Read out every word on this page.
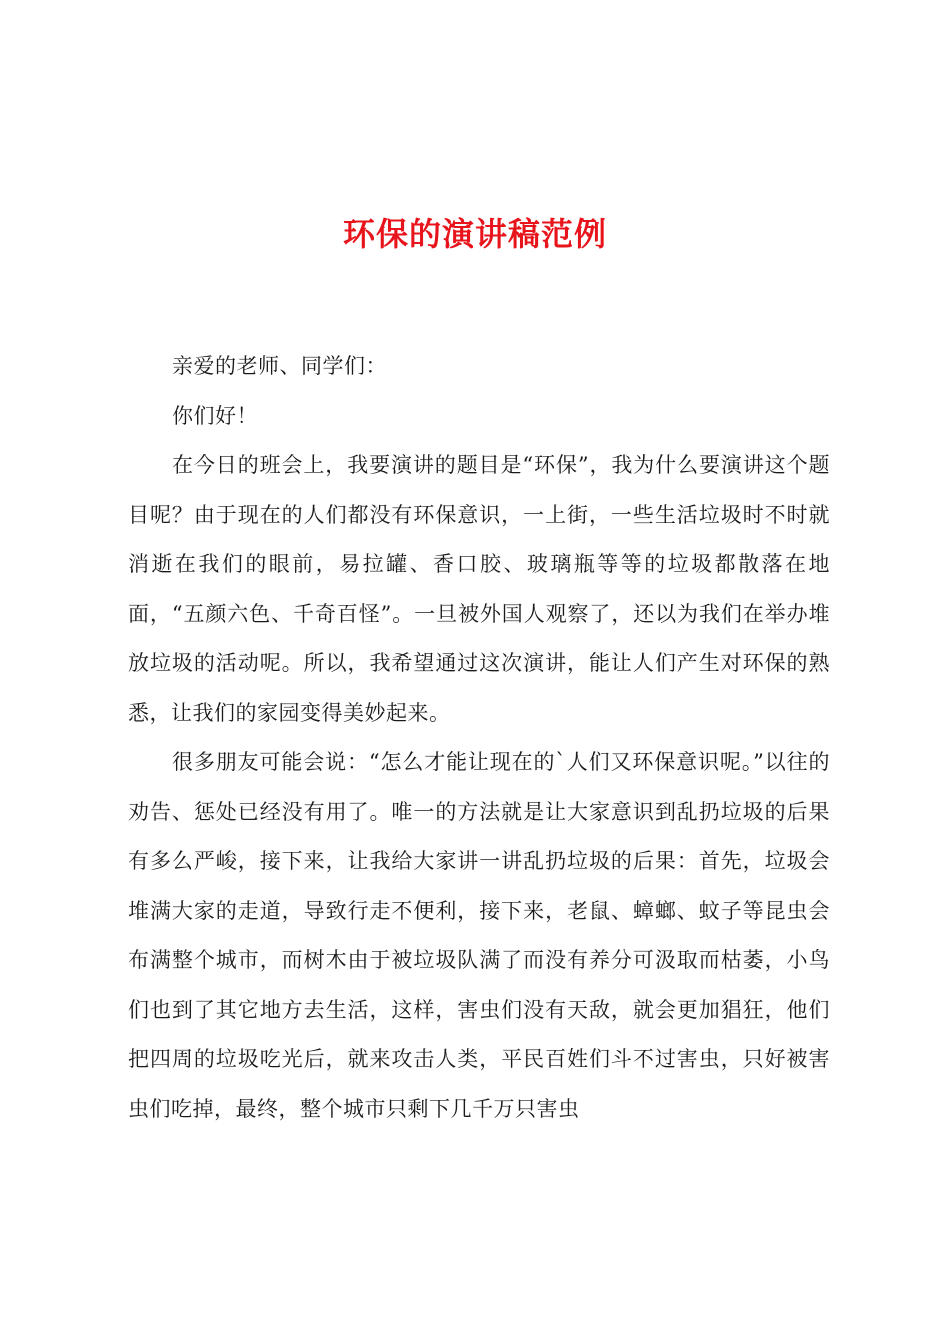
环保的演讲稿范例

亲爱的老师、同学们：

你们好！

在今日的班会上，我要演讲的题目是“环保”，我为什么要演讲这个题目呢？由于现在的人们都没有环保意识，一上街，一些生活垃圾时不时就消逝在我们的眼前，易拉罐、香口胶、玻璃瓶等等的垃圾都散落在地面，“五颜六色、千奇百怪”。一旦被外国人观察了，还以为我们在举办堆放垃圾的活动呢。所以，我希望通过这次演讲，能让人们产生对环保的熟悉，让我们的家园变得美妙起来。

很多朋友可能会说：“怎么才能让现在的`人们又环保意识呢。”以往的劝告、惩处已经没有用了。唯一的方法就是让大家意识到乱扔垃圾的后果有多么严峻，接下来，让我给大家讲一讲乱扔垃圾的后果：首先，垃圾会堆满大家的走道，导致行走不便利，接下来，老鼠、蟑螂、蚊子等昆虫会布满整个城市，而树木由于被垃圾队满了而没有养分可汲取而枯萎，小鸟们也到了其它地方去生活，这样，害虫们没有天敌，就会更加猖狂，他们把四周的垃圾吃光后，就来攻击人类，平民百姓们斗不过害虫，只好被害虫们吃掉，最终，整个城市只剩下几千万只害虫
